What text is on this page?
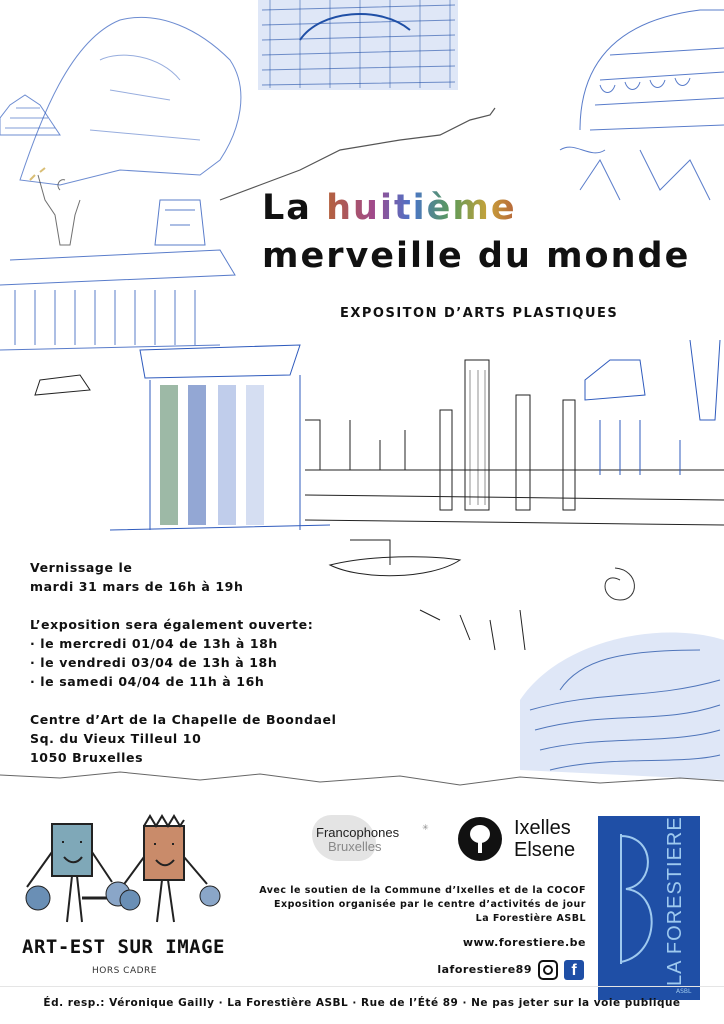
La huitième
merveille du monde
EXPOSITON D’ARTS PLASTIQUES
Vernissage le
mardi 31 mars de 16h à 19h
L’exposition sera également ouverte:
· le mercredi 01/04 de 13h à 18h
· le vendredi 03/04 de 13h à 18h
· le samedi 04/04 de 11h à 16h
Centre d’Art de la Chapelle de Boondael
Sq. du Vieux Tilleul 10
1050 Bruxelles
ART-EST SUR IMAGE
HORS CADRE
Francophones
Bruxelles
✳	Ixelles
Elsene	LA FORESTIERE
ASBL
Avec le soutien de la Commune d’Ixelles et de la COCOF
Exposition organisée par le centre d’activités de jour
La Forestière ASBL
www.forestiere.be
laforestiere89	f
Éd. resp.: Véronique Gailly · La Forestière ASBL · Rue de l’Été 89 · Ne pas jeter sur la voie publique
